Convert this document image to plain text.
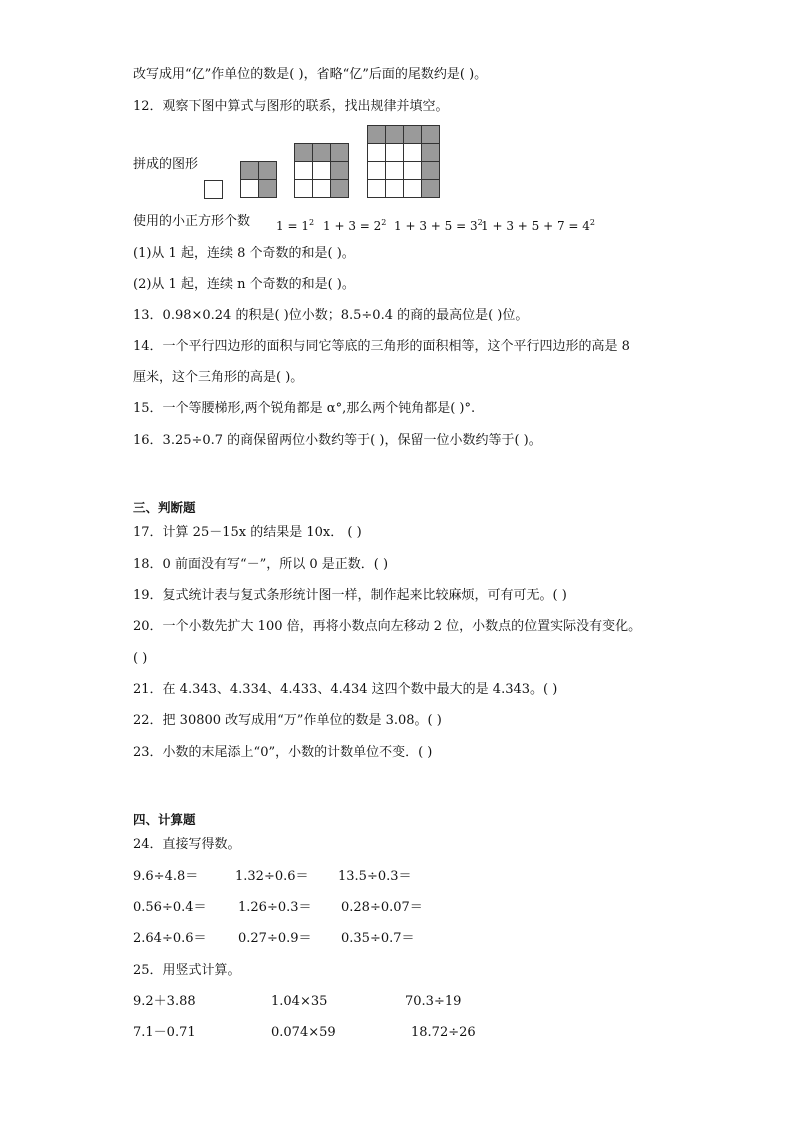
改写成用“亿”作单位的数是( )，省略“亿”后面的尾数约是( )。
12．观察下图中算式与图形的联系，找出规律并填空。
拼成的图形
使用的小正方形个数 $1 = 1^2$ $1 + 3 = 2^2$ $1 + 3 + 5 = 3^2$
$1 + 3 + 5 + 7 = 4^2$
(1)从 1 起，连续 8 个奇数的和是( )。
(2)从 1 起，连续 n 个奇数的和是( )。
13．0.98×0.24 的积是( )位小数；8.5÷0.4 的商的最高位是( )位。
14．一个平行四边形的面积与同它等底的三角形的面积相等，这个平行四边形的高是 8
厘米，这个三角形的高是( )。
15．一个等腰梯形,两个锐角都是 α°,那么两个钝角都是( )°.
16．3.25÷0.7 的商保留两位小数约等于( )，保留一位小数约等于( )。
三、判断题
17．计算 25－15x 的结果是 10x． ( )
18．0 前面没有写“－”，所以 0 是正数．( )
19．复式统计表与复式条形统计图一样，制作起来比较麻烦，可有可无。( )
20．一个小数先扩大 100 倍，再将小数点向左移动 2 位，小数点的位置实际没有变化。
( )
21．在 4.343、4.334、4.433、4.434 这四个数中最大的是 4.343。( )
22．把 30800 改写成用“万”作单位的数是 3.08。( )
23．小数的末尾添上“0”，小数的计数单位不变．( )
四、计算题
24．直接写得数。
9.6÷4.8＝	1.32÷0.6＝ 13.5÷0.3＝
0.56÷0.4＝ 1.26÷0.3＝ 0.28÷0.07＝
2.64÷0.6＝ 0.27÷0.9＝ 0.35÷0.7＝
25．用竖式计算。
9.2＋3.88	1.04×35	70.3÷19
7.1－0.71	0.074×59	18.72÷26
